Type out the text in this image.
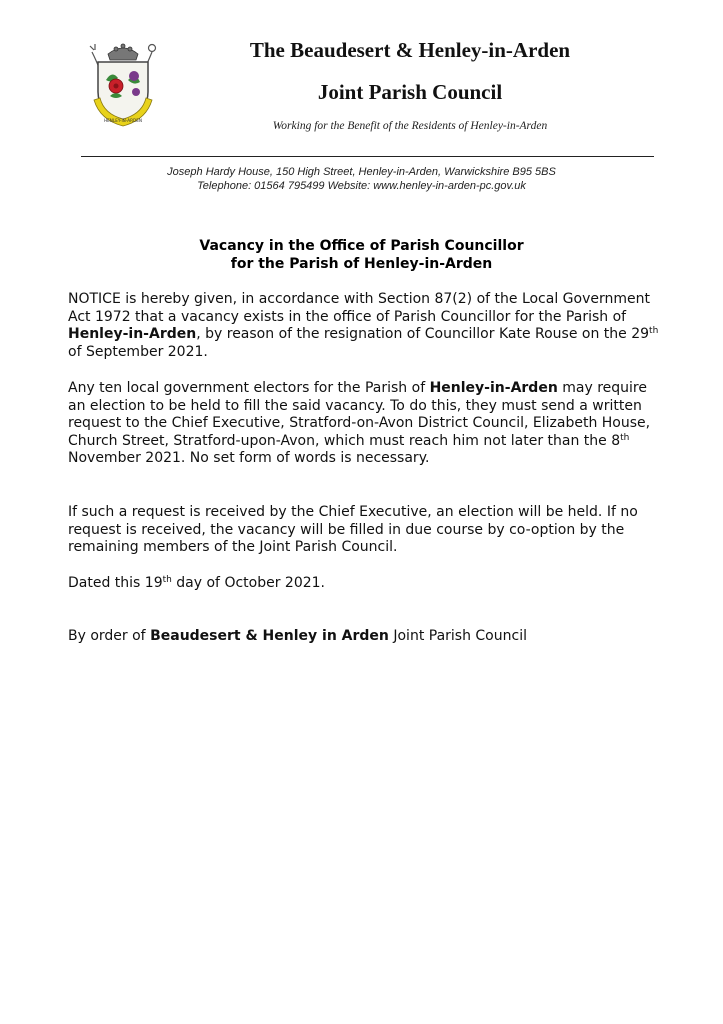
HENLEY-IN-ARDEN
The Beaudesert & Henley-in-Arden
Joint Parish Council
Working for the Benefit of the Residents of Henley-in-Arden
Joseph Hardy House, 150 High Street, Henley-in-Arden, Warwickshire B95 5BS
Telephone: 01564 795499 Website: www.henley-in-arden-pc.gov.uk
Vacancy in the Office of Parish Councillor
for the Parish of Henley-in-Arden

NOTICE is hereby given, in accordance with Section 87(2) of the Local Government Act 1972 that a vacancy exists in the office of Parish Councillor for the Parish of Henley-in-Arden, by reason of the resignation of Councillor Kate Rouse on the 29th of September 2021.

Any ten local government electors for the Parish of Henley-in-Arden may require an election to be held to fill the said vacancy. To do this, they must send a written request to the Chief Executive, Stratford-on-Avon District Council, Elizabeth House, Church Street, Stratford-upon-Avon, which must reach him not later than the 8th November 2021. No set form of words is necessary.

If such a request is received by the Chief Executive, an election will be held. If no request is received, the vacancy will be filled in due course by co-option by the remaining members of the Joint Parish Council.

Dated this 19th day of October 2021.

By order of Beaudesert & Henley in Arden Joint Parish Council
